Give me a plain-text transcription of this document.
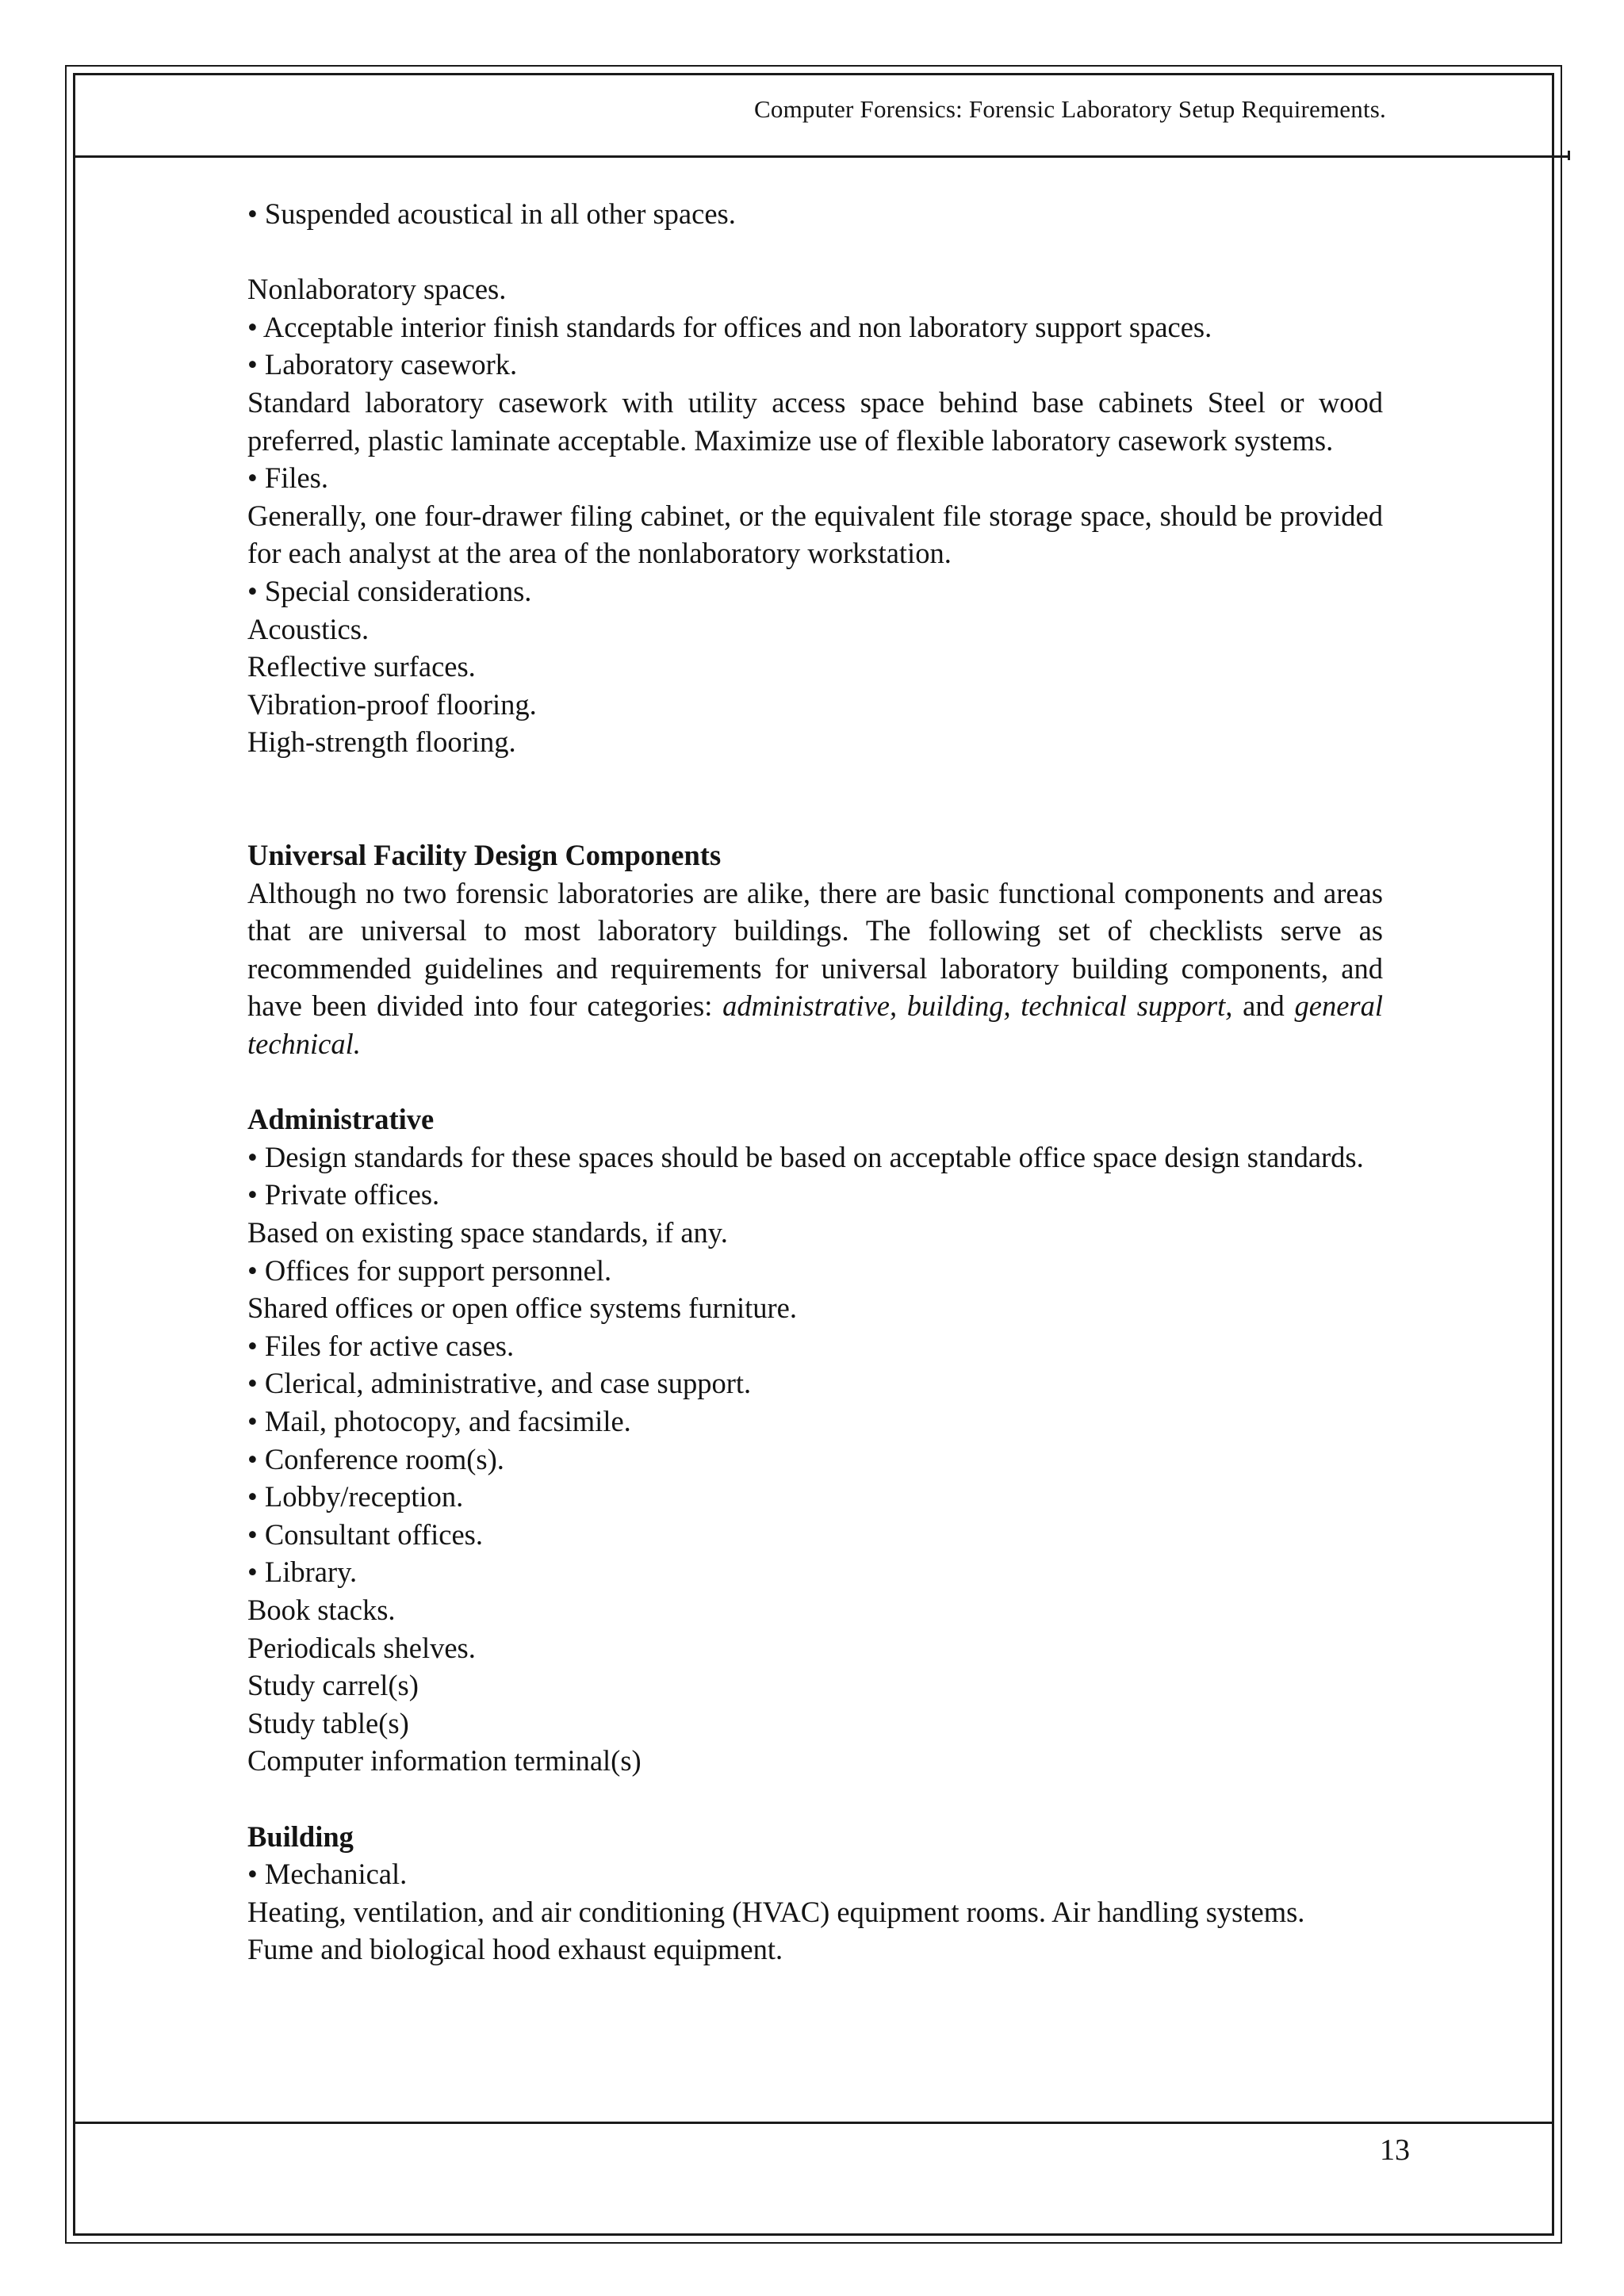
Computer Forensics: Forensic Laboratory Setup Requirements.
13

• Suspended acoustical in all other spaces.

Nonlaboratory spaces.

• Acceptable interior finish standards for offices and non laboratory support spaces.

• Laboratory casework.

Standard laboratory casework with utility access space behind base cabinets Steel or wood preferred, plastic laminate acceptable. Maximize use of flexible laboratory casework systems.

• Files.

Generally, one four-drawer filing cabinet, or the equivalent file storage space, should be provided for each analyst at the area of the nonlaboratory workstation.

• Special considerations.

Acoustics.

Reflective surfaces.

Vibration-proof flooring.

High-strength flooring.

Universal Facility Design Components

Although no two forensic laboratories are alike, there are basic functional components and areas that are universal to most laboratory buildings. The following set of checklists serve as recommended guidelines and requirements for universal laboratory building components, and have been divided into four categories: administrative, building, technical support, and general technical.

Administrative

• Design standards for these spaces should be based on acceptable office space design standards.

• Private offices.

Based on existing space standards, if any.

• Offices for support personnel.

Shared offices or open office systems furniture.

• Files for active cases.

• Clerical, administrative, and case support.

• Mail, photocopy, and facsimile.

• Conference room(s).

• Lobby/reception.

• Consultant offices.

• Library.

Book stacks.

Periodicals shelves.

Study carrel(s)

Study table(s)

Computer information terminal(s)

Building

• Mechanical.

Heating, ventilation, and air conditioning (HVAC) equipment rooms. Air handling systems.

Fume and biological hood exhaust equipment.
